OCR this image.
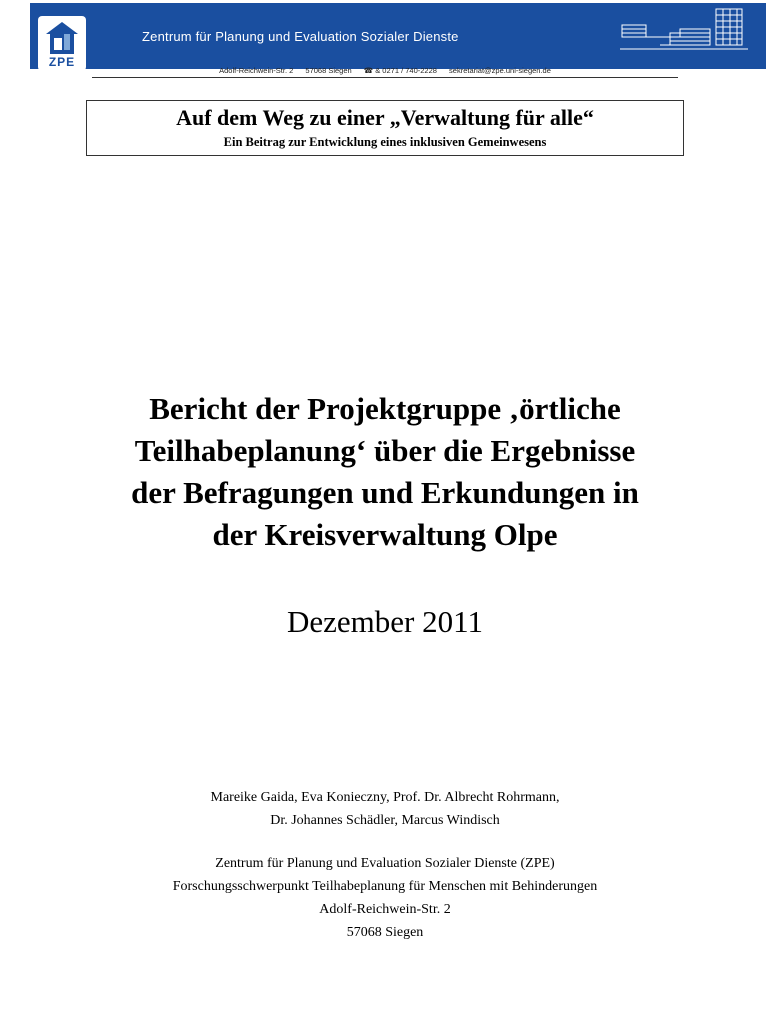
Zentrum für Planung und Evaluation Sozialer Dienste
ZPE
Adolf-Reichwein-Str. 2 57068 Siegen ☎ & 0271 / 740-2228 sekretariat@zpe.uni-siegen.de
Auf dem Weg zu einer „Verwaltung für alle“
Ein Beitrag zur Entwicklung eines inklusiven Gemeinwesens
Bericht der Projektgruppe ‚örtliche
Teilhabeplanung‘ über die Ergebnisse
der Befragungen und Erkundungen in
der Kreisverwaltung Olpe
Dezember 2011
Mareike Gaida, Eva Konieczny, Prof. Dr. Albrecht Rohrmann,
Dr. Johannes Schädler, Marcus Windisch
Zentrum für Planung und Evaluation Sozialer Dienste (ZPE)
Forschungsschwerpunkt Teilhabeplanung für Menschen mit Behinderungen
Adolf-Reichwein-Str. 2
57068 Siegen
